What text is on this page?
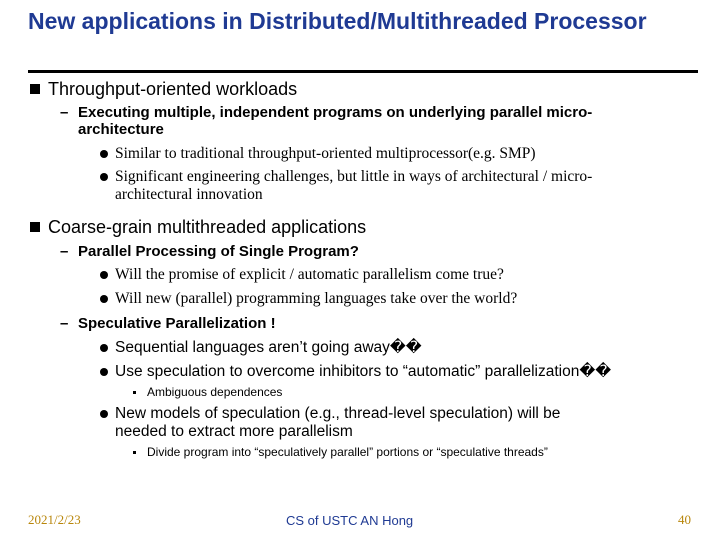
New applications in Distributed/Multithreaded Processor
Throughput-oriented workloads
– Executing multiple, independent programs on underlying parallel micro-
architecture
Similar to traditional throughput-oriented multiprocessor(e.g. SMP)
Significant engineering challenges, but little in ways of architectural / micro-
architectural innovation
Coarse-grain multithreaded applications
– Parallel Processing of Single Program?
Will the promise of explicit / automatic parallelism come true?
Will new (parallel) programming languages take over the world?
– Speculative Parallelization !
Sequential languages aren’t going away��
Use speculation to overcome inhibitors to “automatic” parallelization��
Ambiguous dependences
New models of speculation (e.g., thread-level speculation) will be
needed to extract more parallelism
Divide program into “speculatively parallel” portions or “speculative threads”
2021/2/23	CS of USTC AN Hong	40
